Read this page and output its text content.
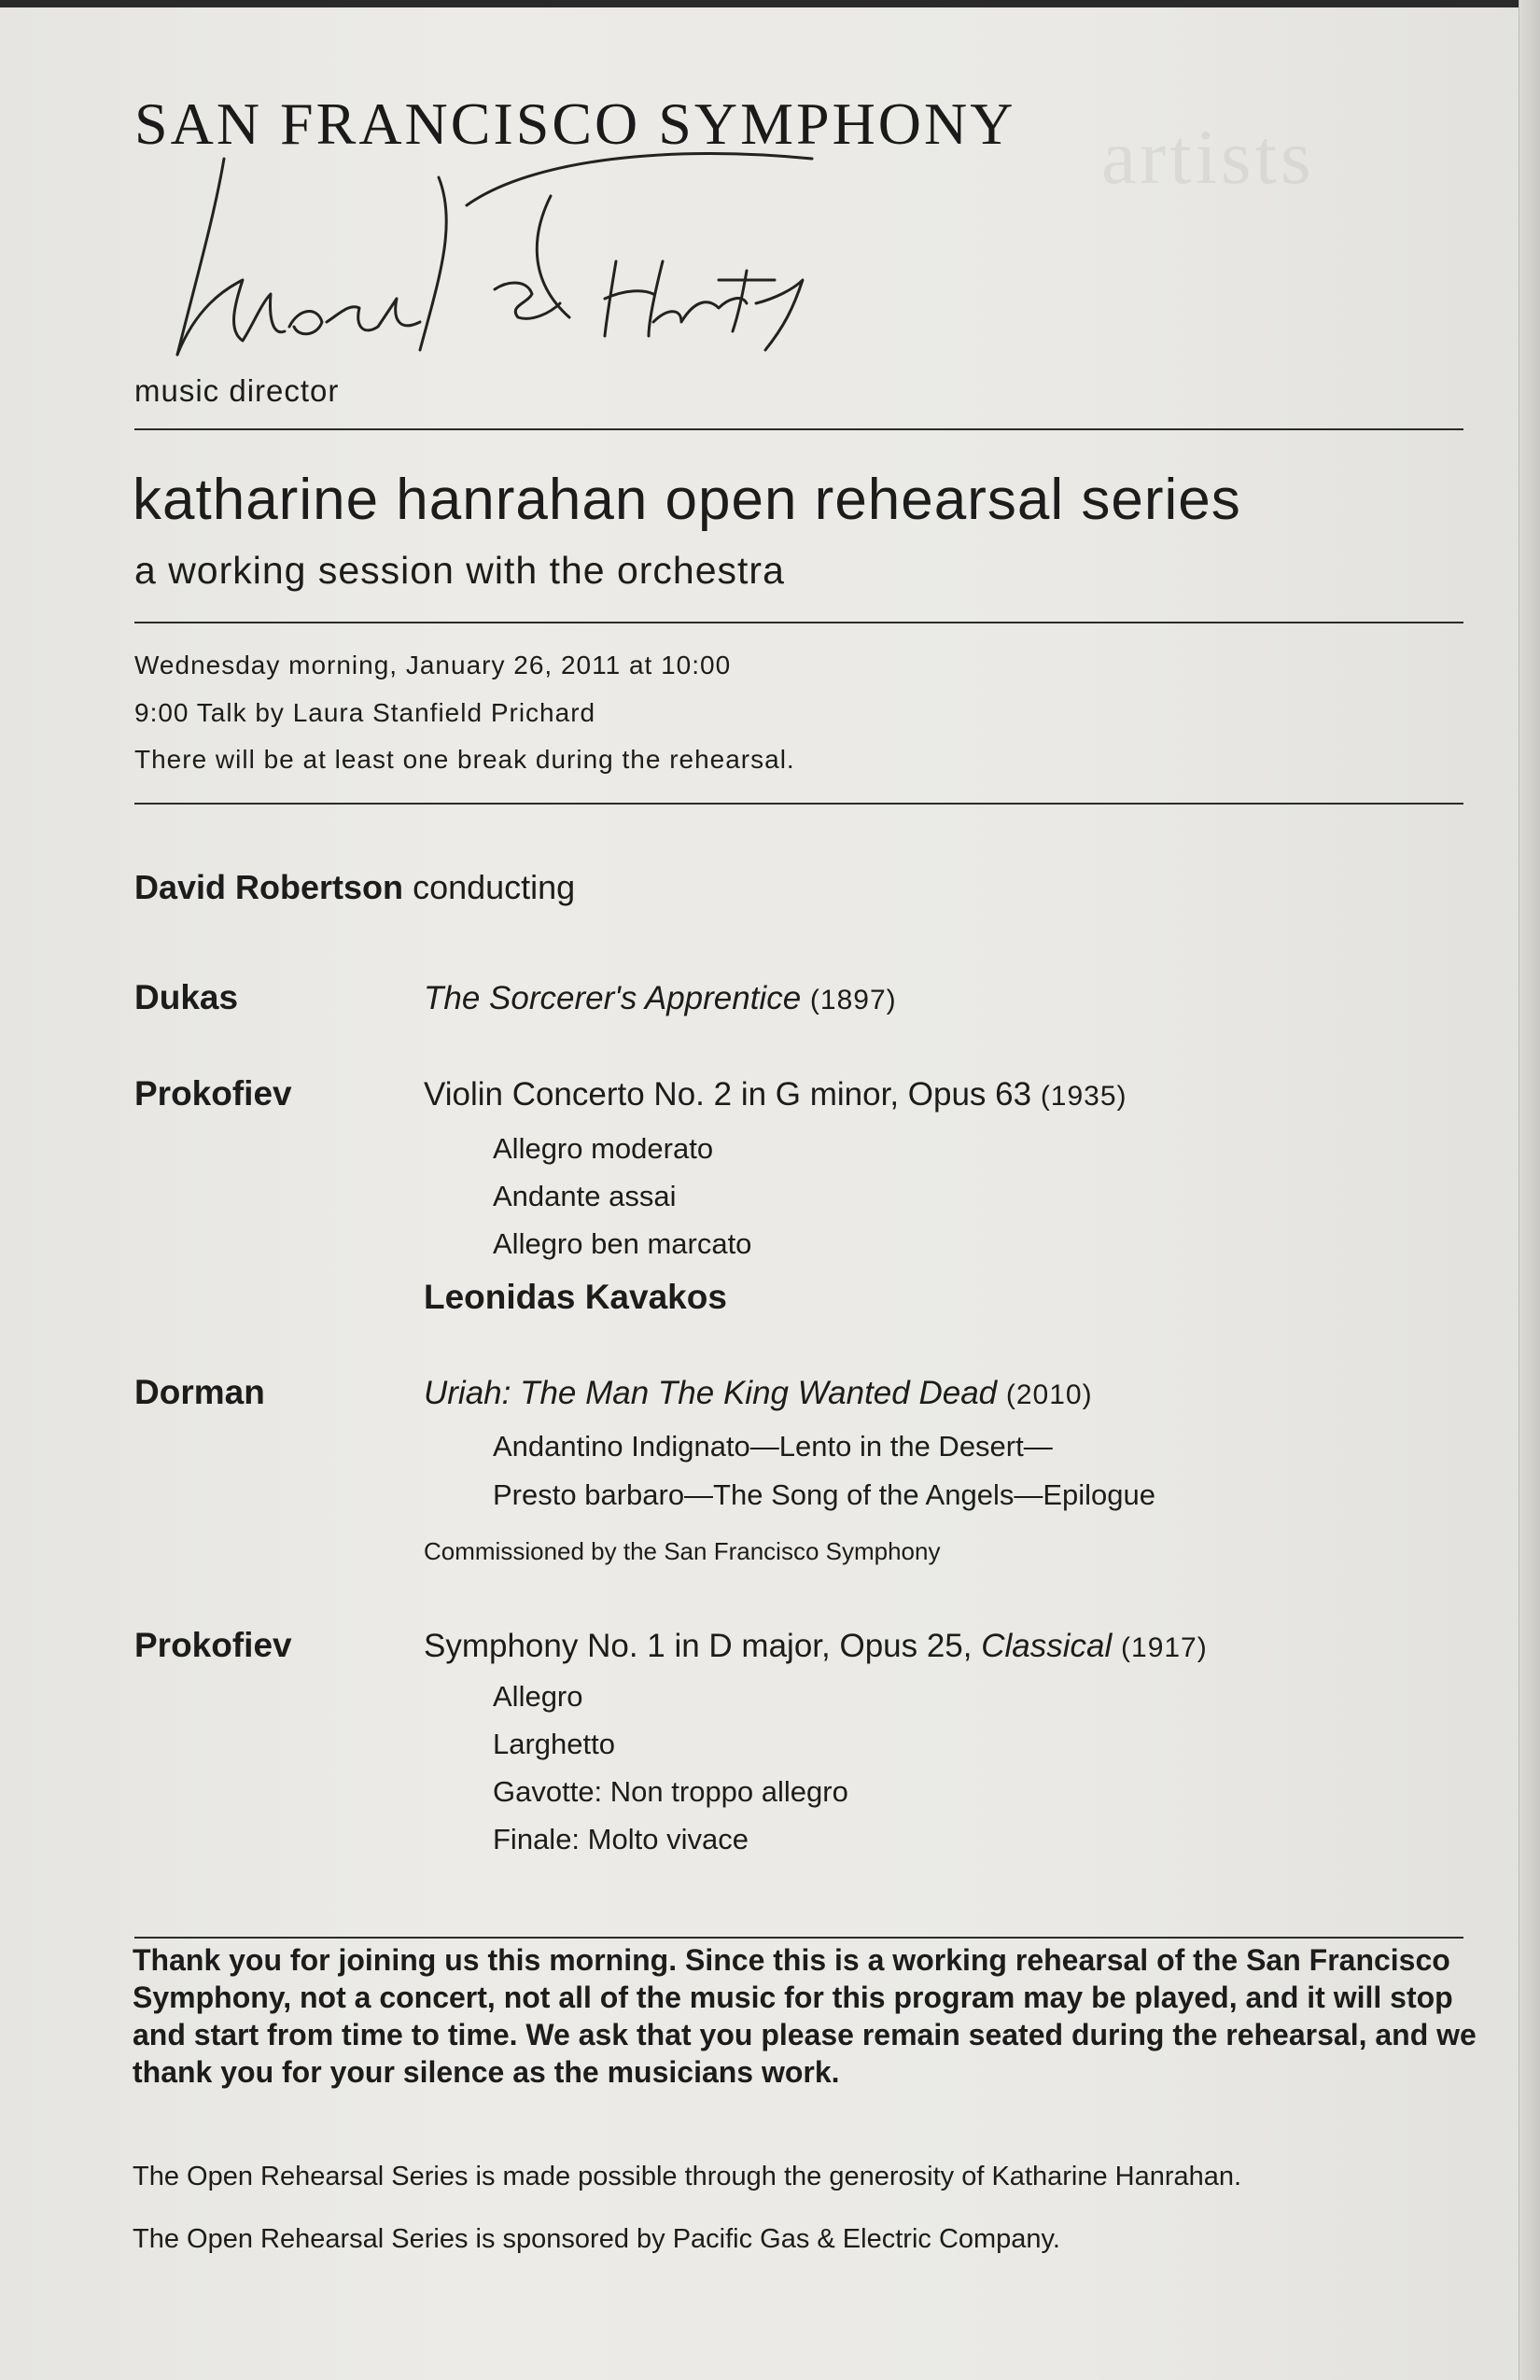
artists
SAN FRANCISCO SYMPHONY
music director
katharine hanrahan open rehearsal series
a working session with the orchestra
Wednesday morning, January 26, 2011 at 10:00
9:00 Talk by Laura Stanfield Prichard
There will be at least one break during the rehearsal.
David Robertson conducting
Dukas	The Sorcerer's Apprentice (1897)
Prokofiev	Violin Concerto No. 2 in G minor, Opus 63 (1935)
Allegro moderato
Andante assai
Allegro ben marcato
Leonidas Kavakos
Dorman	Uriah: The Man The King Wanted Dead (2010)
Andantino Indignato—Lento in the Desert—
Presto barbaro—The Song of the Angels—Epilogue
Commissioned by the San Francisco Symphony
Prokofiev	Symphony No. 1 in D major, Opus 25, Classical (1917)
Allegro
Larghetto
Gavotte: Non troppo allegro
Finale: Molto vivace
Thank you for joining us this morning. Since this is a working rehearsal of the San Francisco Symphony, not a concert, not all of the music for this program may be played, and it will stop and start from time to time. We ask that you please remain seated during the rehearsal, and we thank you for your silence as the musicians work.
The Open Rehearsal Series is made possible through the generosity of Katharine Hanrahan.
The Open Rehearsal Series is sponsored by Pacific Gas & Electric Company.
